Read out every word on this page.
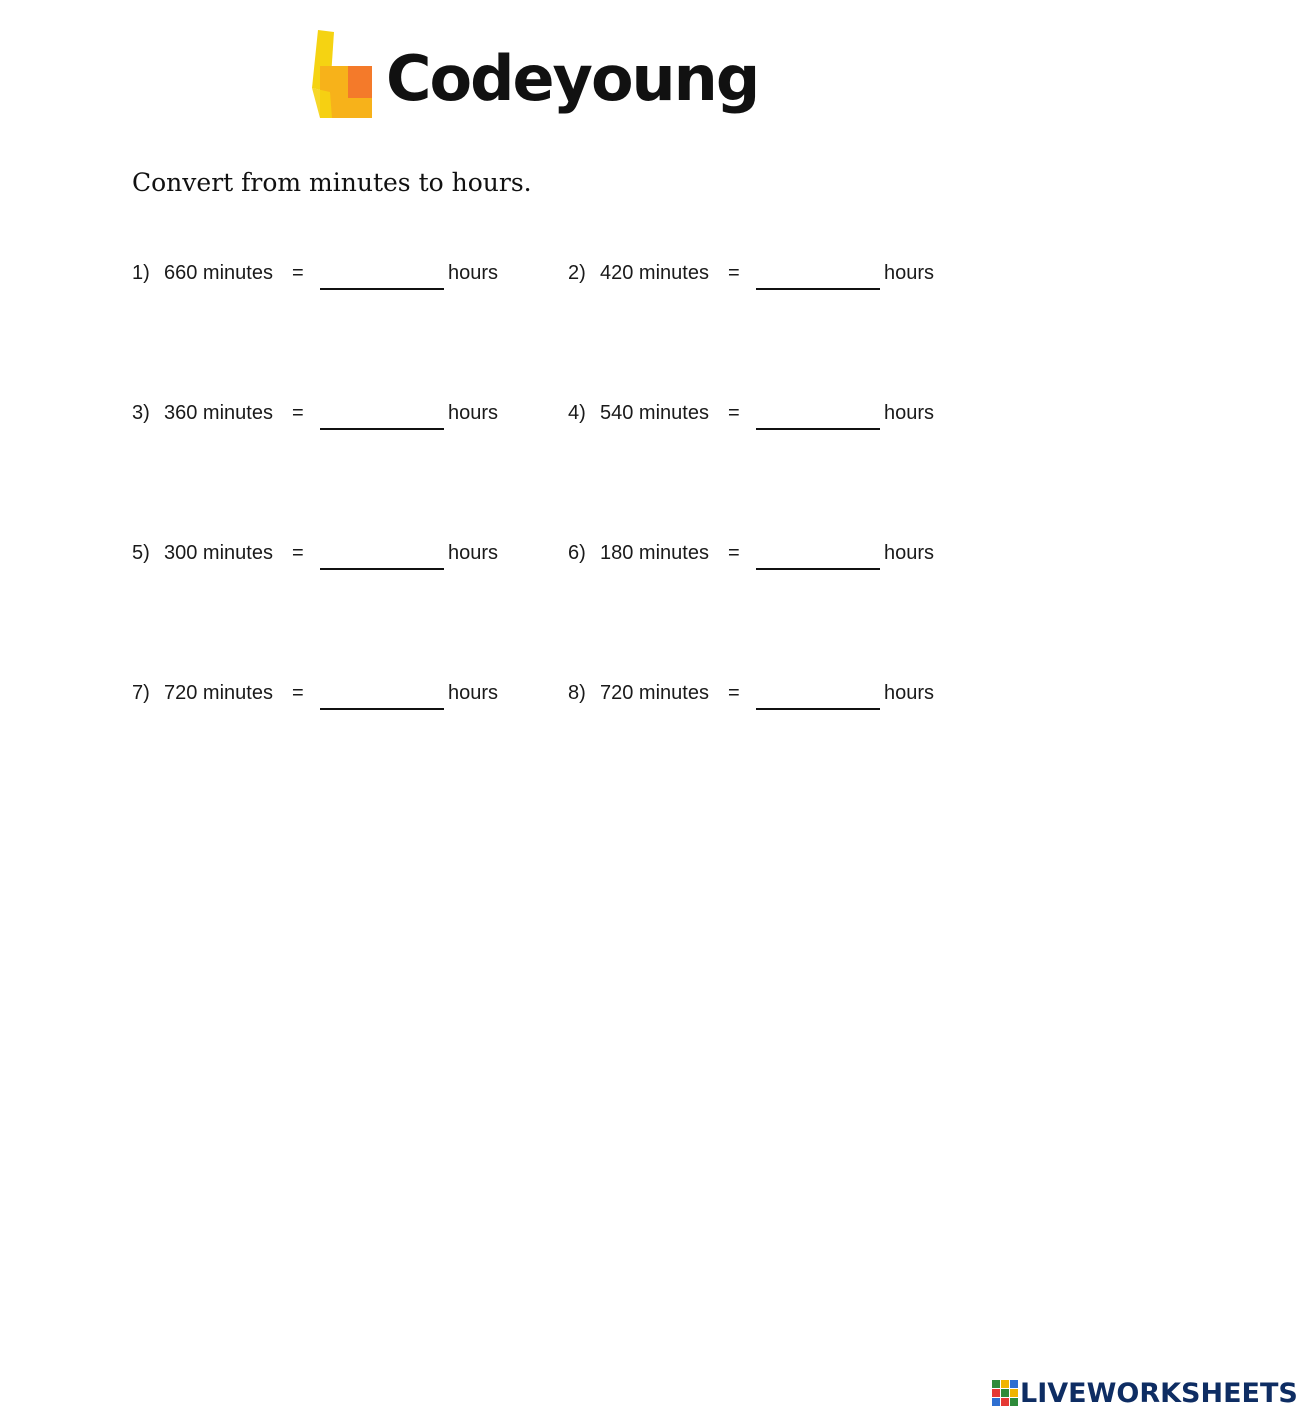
Codeyoung
Convert from minutes to hours.
1) 660 minutes =	hours	2) 420 minutes =	hours
3) 360 minutes =	hours	4) 540 minutes =	hours
5) 300 minutes =	hours	6) 180 minutes =	hours
7) 720 minutes =	hours	8) 720 minutes =	hours
LIVEWORKSHEETS
